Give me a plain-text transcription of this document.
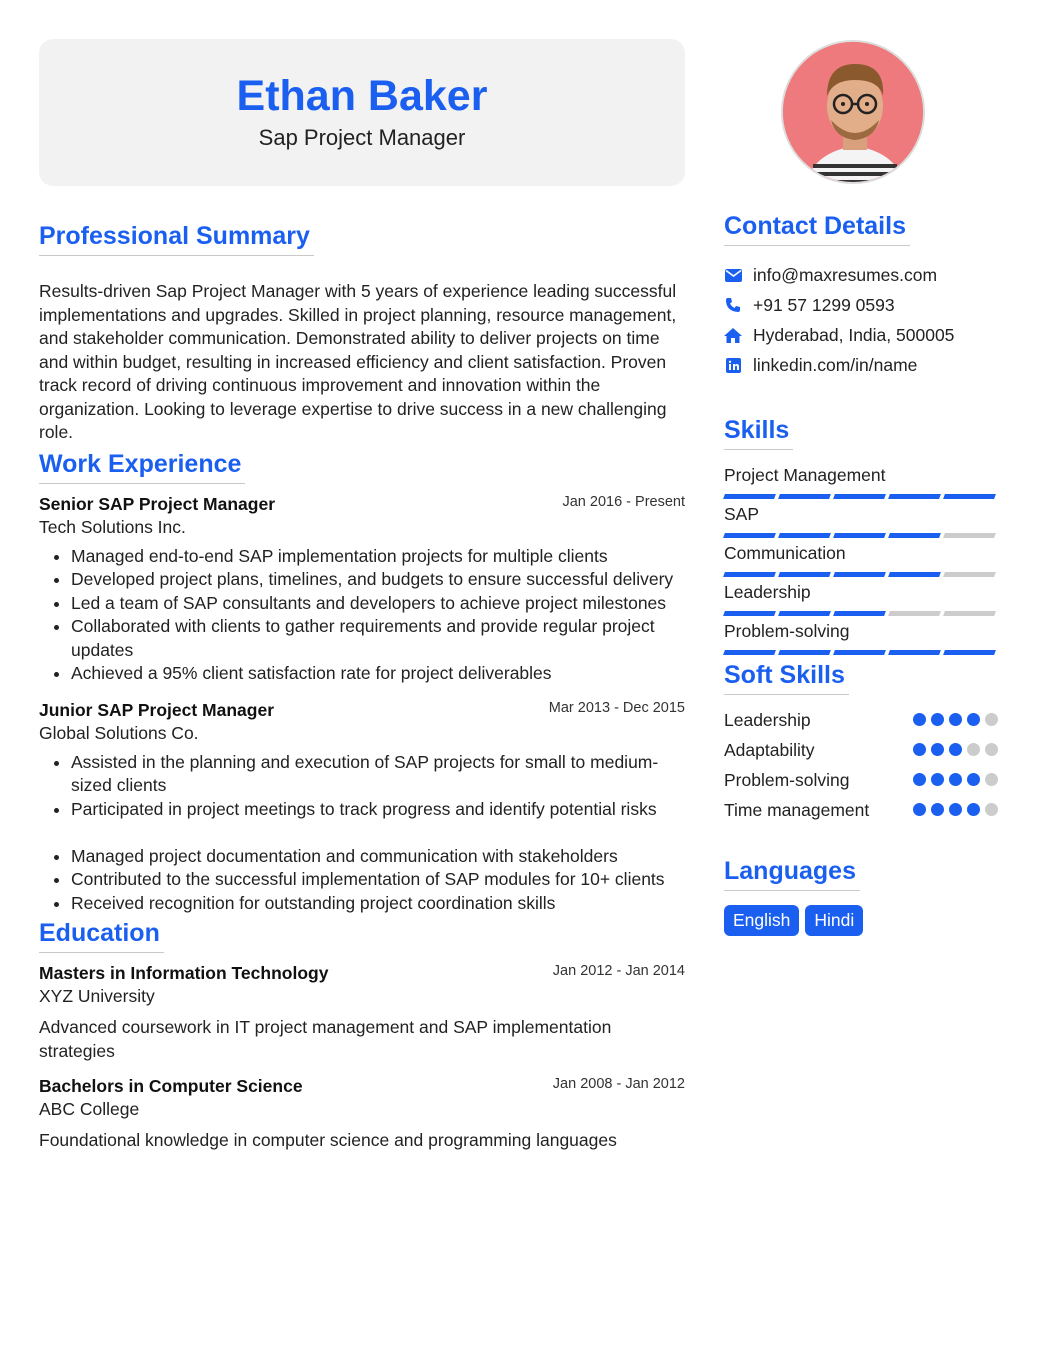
Ethan Baker
Sap Project Manager
Professional Summary

Results-driven Sap Project Manager with 5 years of experience leading successful implementations and upgrades. Skilled in project planning, resource management, and stakeholder communication. Demonstrated ability to deliver projects on time and within budget, resulting in increased efficiency and client satisfaction. Proven track record of driving continuous improvement and innovation within the organization. Looking to leverage expertise to drive success in a new challenging role.

Work Experience
Senior SAP Project Manager	Jan 2016 - Present
Tech Solutions Inc.
• Managed end-to-end SAP implementation projects for multiple clients
• Developed project plans, timelines, and budgets to ensure successful delivery
• Led a team of SAP consultants and developers to achieve project milestones
• Collaborated with clients to gather requirements and provide regular project updates
• Achieved a 95% client satisfaction rate for project deliverables
Junior SAP Project Manager	Mar 2013 - Dec 2015
Global Solutions Co.
• Assisted in the planning and execution of SAP projects for small to medium-sized clients
• Participated in project meetings to track progress and identify potential risks
• Managed project documentation and communication with stakeholders
• Contributed to the successful implementation of SAP modules for 10+ clients
• Received recognition for outstanding project coordination skills
Education
Masters in Information Technology	Jan 2012 - Jan 2014
XYZ University
Advanced coursework in IT project management and SAP implementation strategies
Bachelors in Computer Science	Jan 2008 - Jan 2012
ABC College
Foundational knowledge in computer science and programming languages
Contact Details
info@maxresumes.com
+91 57 1299 0593
Hyderabad, India, 500005
linkedin.com/in/name
Skills
Project Management
SAP
Communication
Leadership
Problem-solving
Soft Skills
Leadership
Adaptability
Problem-solving
Time management
Languages
English	Hindi
